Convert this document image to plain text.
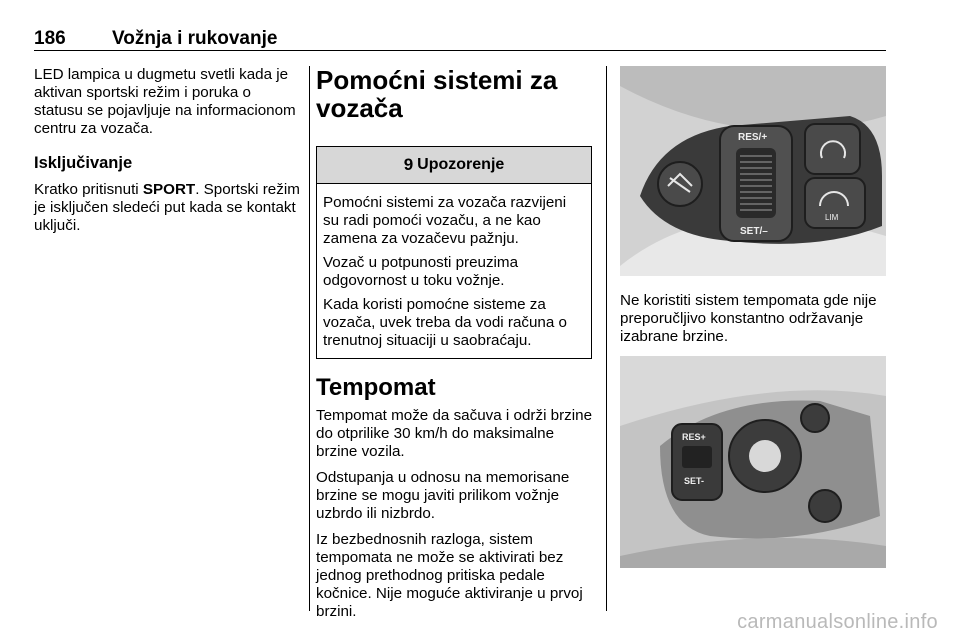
186 Vožnja i rukovanje

LED lampica u dugmetu svetli kada je aktivan sportski režim i poruka o statusu se pojavljuje na informacionom centru za vozača.

Isključivanje

Kratko pritisnuti SPORT. Sportski režim je isključen sledeći put kada se kontakt uključi.

Pomoćni sistemi za vozača
9 Upozorenje

Pomoćni sistemi za vozača razvijeni su radi pomoći vozaču, a ne kao zamena za vozačevu pažnju.

Vozač u potpunosti preuzima odgovornost u toku vožnje.

Kada koristi pomoćne sisteme za vozača, uvek treba da vodi računa o trenutnoj situaciji u saobraćaju.

Tempomat

Tempomat može da sačuva i održi brzine do otprilike 30 km/h do maksimalne brzine vozila.

Odstupanja u odnosu na memorisane brzine se mogu javiti prilikom vožnje uzbrdo ili nizbrdo.

Iz bezbednosnih razloga, sistem tempomata ne može se aktivirati bez jednog prethodnog pritiska pedale kočnice. Nije moguće aktiviranje u prvoj brzini.

RES/+
SET/–
LIM

Ne koristiti sistem tempomata gde nije preporučljivo konstantno održavanje izabrane brzine.

RES+
SET-
carmanualsonline.info
